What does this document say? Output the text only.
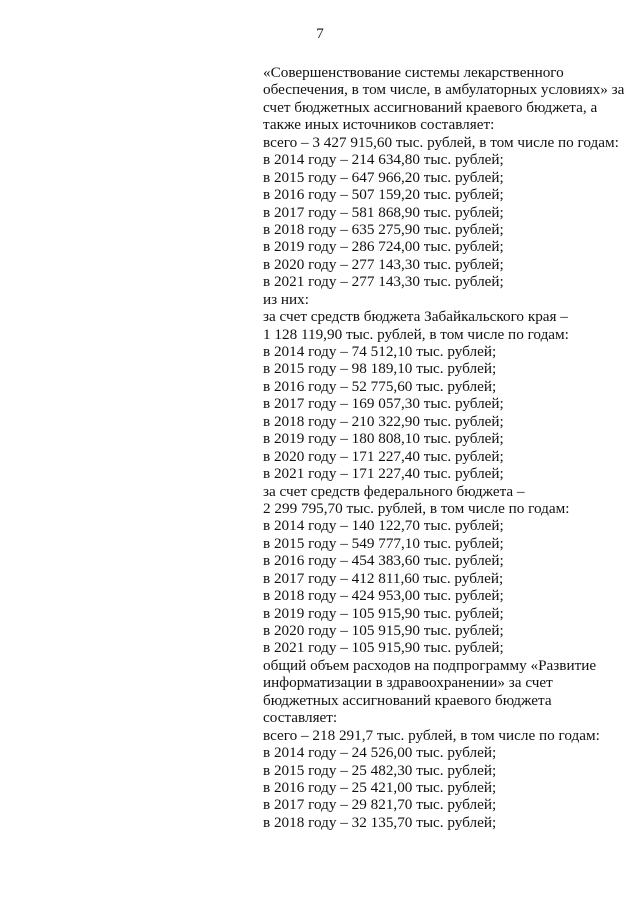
7
«Совершенствование системы лекарственного
обеспечения, в том числе, в амбулаторных условиях» за
счет бюджетных ассигнований краевого бюджета, а
также иных источников составляет:
всего – 3 427 915,60 тыс. рублей, в том числе по годам:
в 2014 году – 214 634,80 тыс. рублей;
в 2015 году – 647 966,20 тыс. рублей;
в 2016 году – 507 159,20 тыс. рублей;
в 2017 году – 581 868,90 тыс. рублей;
в 2018 году – 635 275,90 тыс. рублей;
в 2019 году – 286 724,00 тыс. рублей;
в 2020 году – 277 143,30 тыс. рублей;
в 2021 году – 277 143,30 тыс. рублей;
из них:
за счет средств бюджета Забайкальского края –
1 128 119,90 тыс. рублей, в том числе по годам:
в 2014 году – 74 512,10 тыс. рублей;
в 2015 году – 98 189,10 тыс. рублей;
в 2016 году – 52 775,60 тыс. рублей;
в 2017 году – 169 057,30 тыс. рублей;
в 2018 году – 210 322,90 тыс. рублей;
в 2019 году – 180 808,10 тыс. рублей;
в 2020 году – 171 227,40 тыс. рублей;
в 2021 году – 171 227,40 тыс. рублей;
за счет средств федерального бюджета –
2 299 795,70 тыс. рублей, в том числе по годам:
в 2014 году – 140 122,70 тыс. рублей;
в 2015 году – 549 777,10 тыс. рублей;
в 2016 году – 454 383,60 тыс. рублей;
в 2017 году – 412 811,60 тыс. рублей;
в 2018 году – 424 953,00 тыс. рублей;
в 2019 году – 105 915,90 тыс. рублей;
в 2020 году – 105 915,90 тыс. рублей;
в 2021 году – 105 915,90 тыс. рублей;
общий объем расходов на подпрограмму «Развитие
информатизации в здравоохранении» за счет
бюджетных ассигнований краевого бюджета
составляет:
всего – 218 291,7 тыс. рублей, в том числе по годам:
в 2014 году – 24 526,00 тыс. рублей;
в 2015 году – 25 482,30 тыс. рублей;
в 2016 году – 25 421,00 тыс. рублей;
в 2017 году – 29 821,70 тыс. рублей;
в 2018 году – 32 135,70 тыс. рублей;
